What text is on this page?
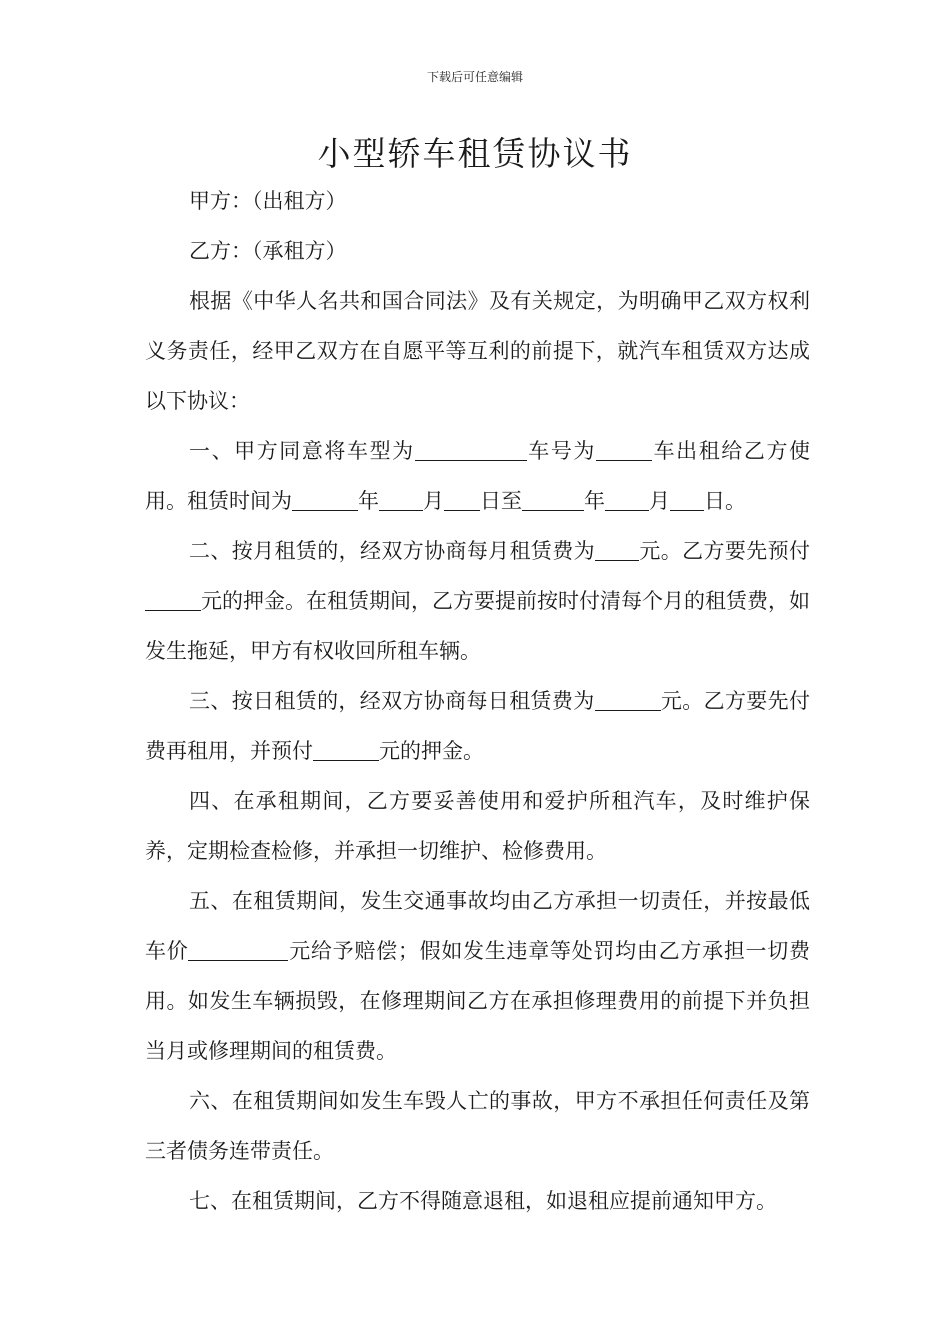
下载后可任意编辑
小型轿车租赁协议书

甲方：（出租方）

乙方：（承租方）

根据《中华人名共和国合同法》及有关规定，为明确甲乙双方权利义务责任，经甲乙双方在自愿平等互利的前提下，就汽车租赁双方达成以下协议：

一、甲方同意将车型为	车号为	车出租给乙方使用。租赁时间为	年 月 日至	年 月 日。

二、按月租赁的，经双方协商每月租赁费为 元。乙方要先预付元的押金。在租赁期间，乙方要提前按时付清每个月的租赁费，如发生拖延，甲方有权收回所租车辆。

三、按日租赁的，经双方协商每日租赁费为	元。乙方要先付费再租用，并预付	元的押金。

四、在承租期间，乙方要妥善使用和爱护所租汽车，及时维护保养，定期检查检修，并承担一切维护、检修费用。

五、在租赁期间，发生交通事故均由乙方承担一切责任，并按最低车价	元给予赔偿；假如发生违章等处罚均由乙方承担一切费用。如发生车辆损毁，在修理期间乙方在承担修理费用的前提下并负担当月或修理期间的租赁费。

六、在租赁期间如发生车毁人亡的事故，甲方不承担任何责任及第三者债务连带责任。

七、在租赁期间，乙方不得随意退租，如退租应提前通知甲方。
